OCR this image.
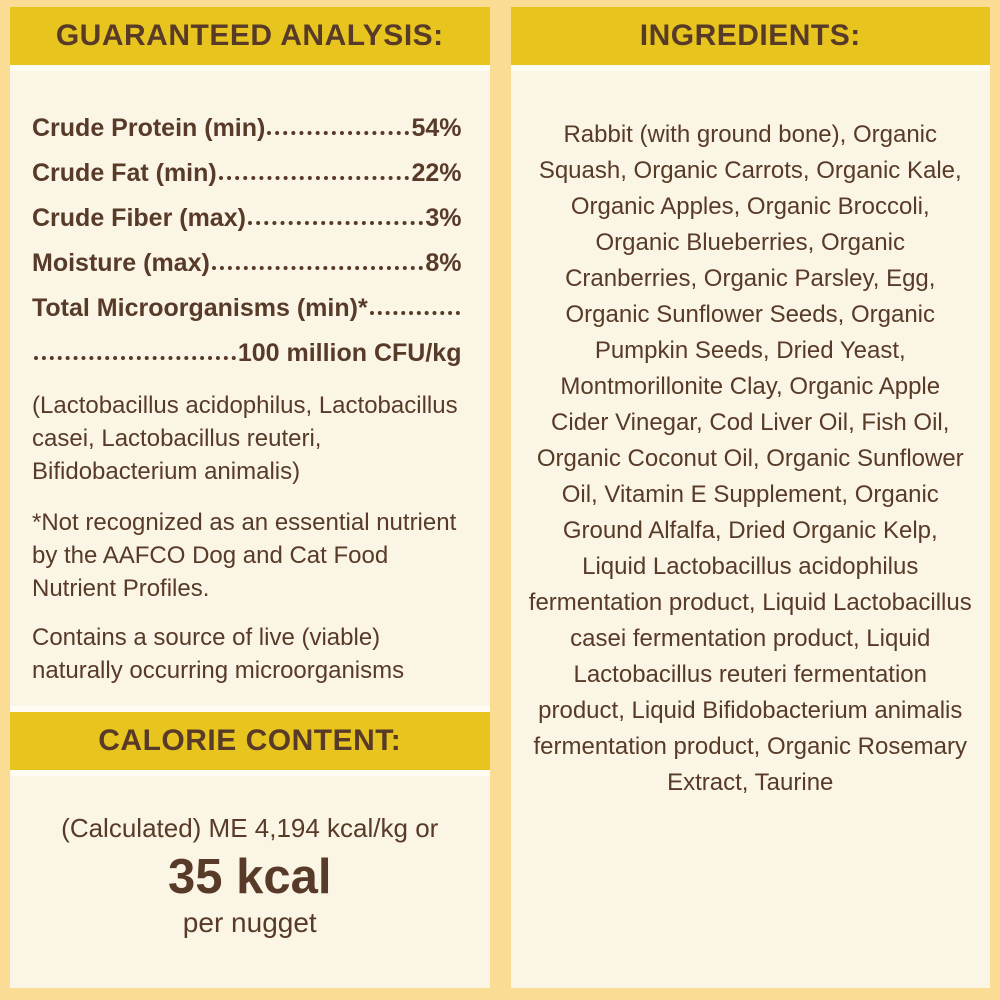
GUARANTEED ANALYSIS:
Crude Protein (min)	54%
Crude Fat (min)	22%
Crude Fiber (max)	3%
Moisture (max)	8%
Total Microorganisms (min)*
100 million CFU/kg

(Lactobacillus acidophilus, Lactobacillus casei, Lactobacillus reuteri, Bifidobacterium animalis)

*Not recognized as an essential nutrient by the AAFCO Dog and Cat Food Nutrient Profiles.

Contains a source of live (viable) naturally occurring microorganisms

CALORIE CONTENT:
(Calculated) ME 4,194 kcal/kg or
35 kcal
per nugget
INGREDIENTS:
Rabbit (with ground bone), Organic Squash, Organic Carrots, Organic Kale, Organic Apples, Organic Broccoli, Organic Blueberries, Organic Cranberries, Organic Parsley, Egg, Organic Sunflower Seeds, Organic Pumpkin Seeds, Dried Yeast, Montmorillonite Clay, Organic Apple Cider Vinegar, Cod Liver Oil, Fish Oil, Organic Coconut Oil, Organic Sunflower Oil, Vitamin E Supplement, Organic Ground Alfalfa, Dried Organic Kelp, Liquid Lactobacillus acidophilus fermentation product, Liquid Lactobacillus casei fermentation product, Liquid Lactobacillus reuteri fermentation product, Liquid Bifidobacterium animalis fermentation product, Organic Rosemary Extract, Taurine
